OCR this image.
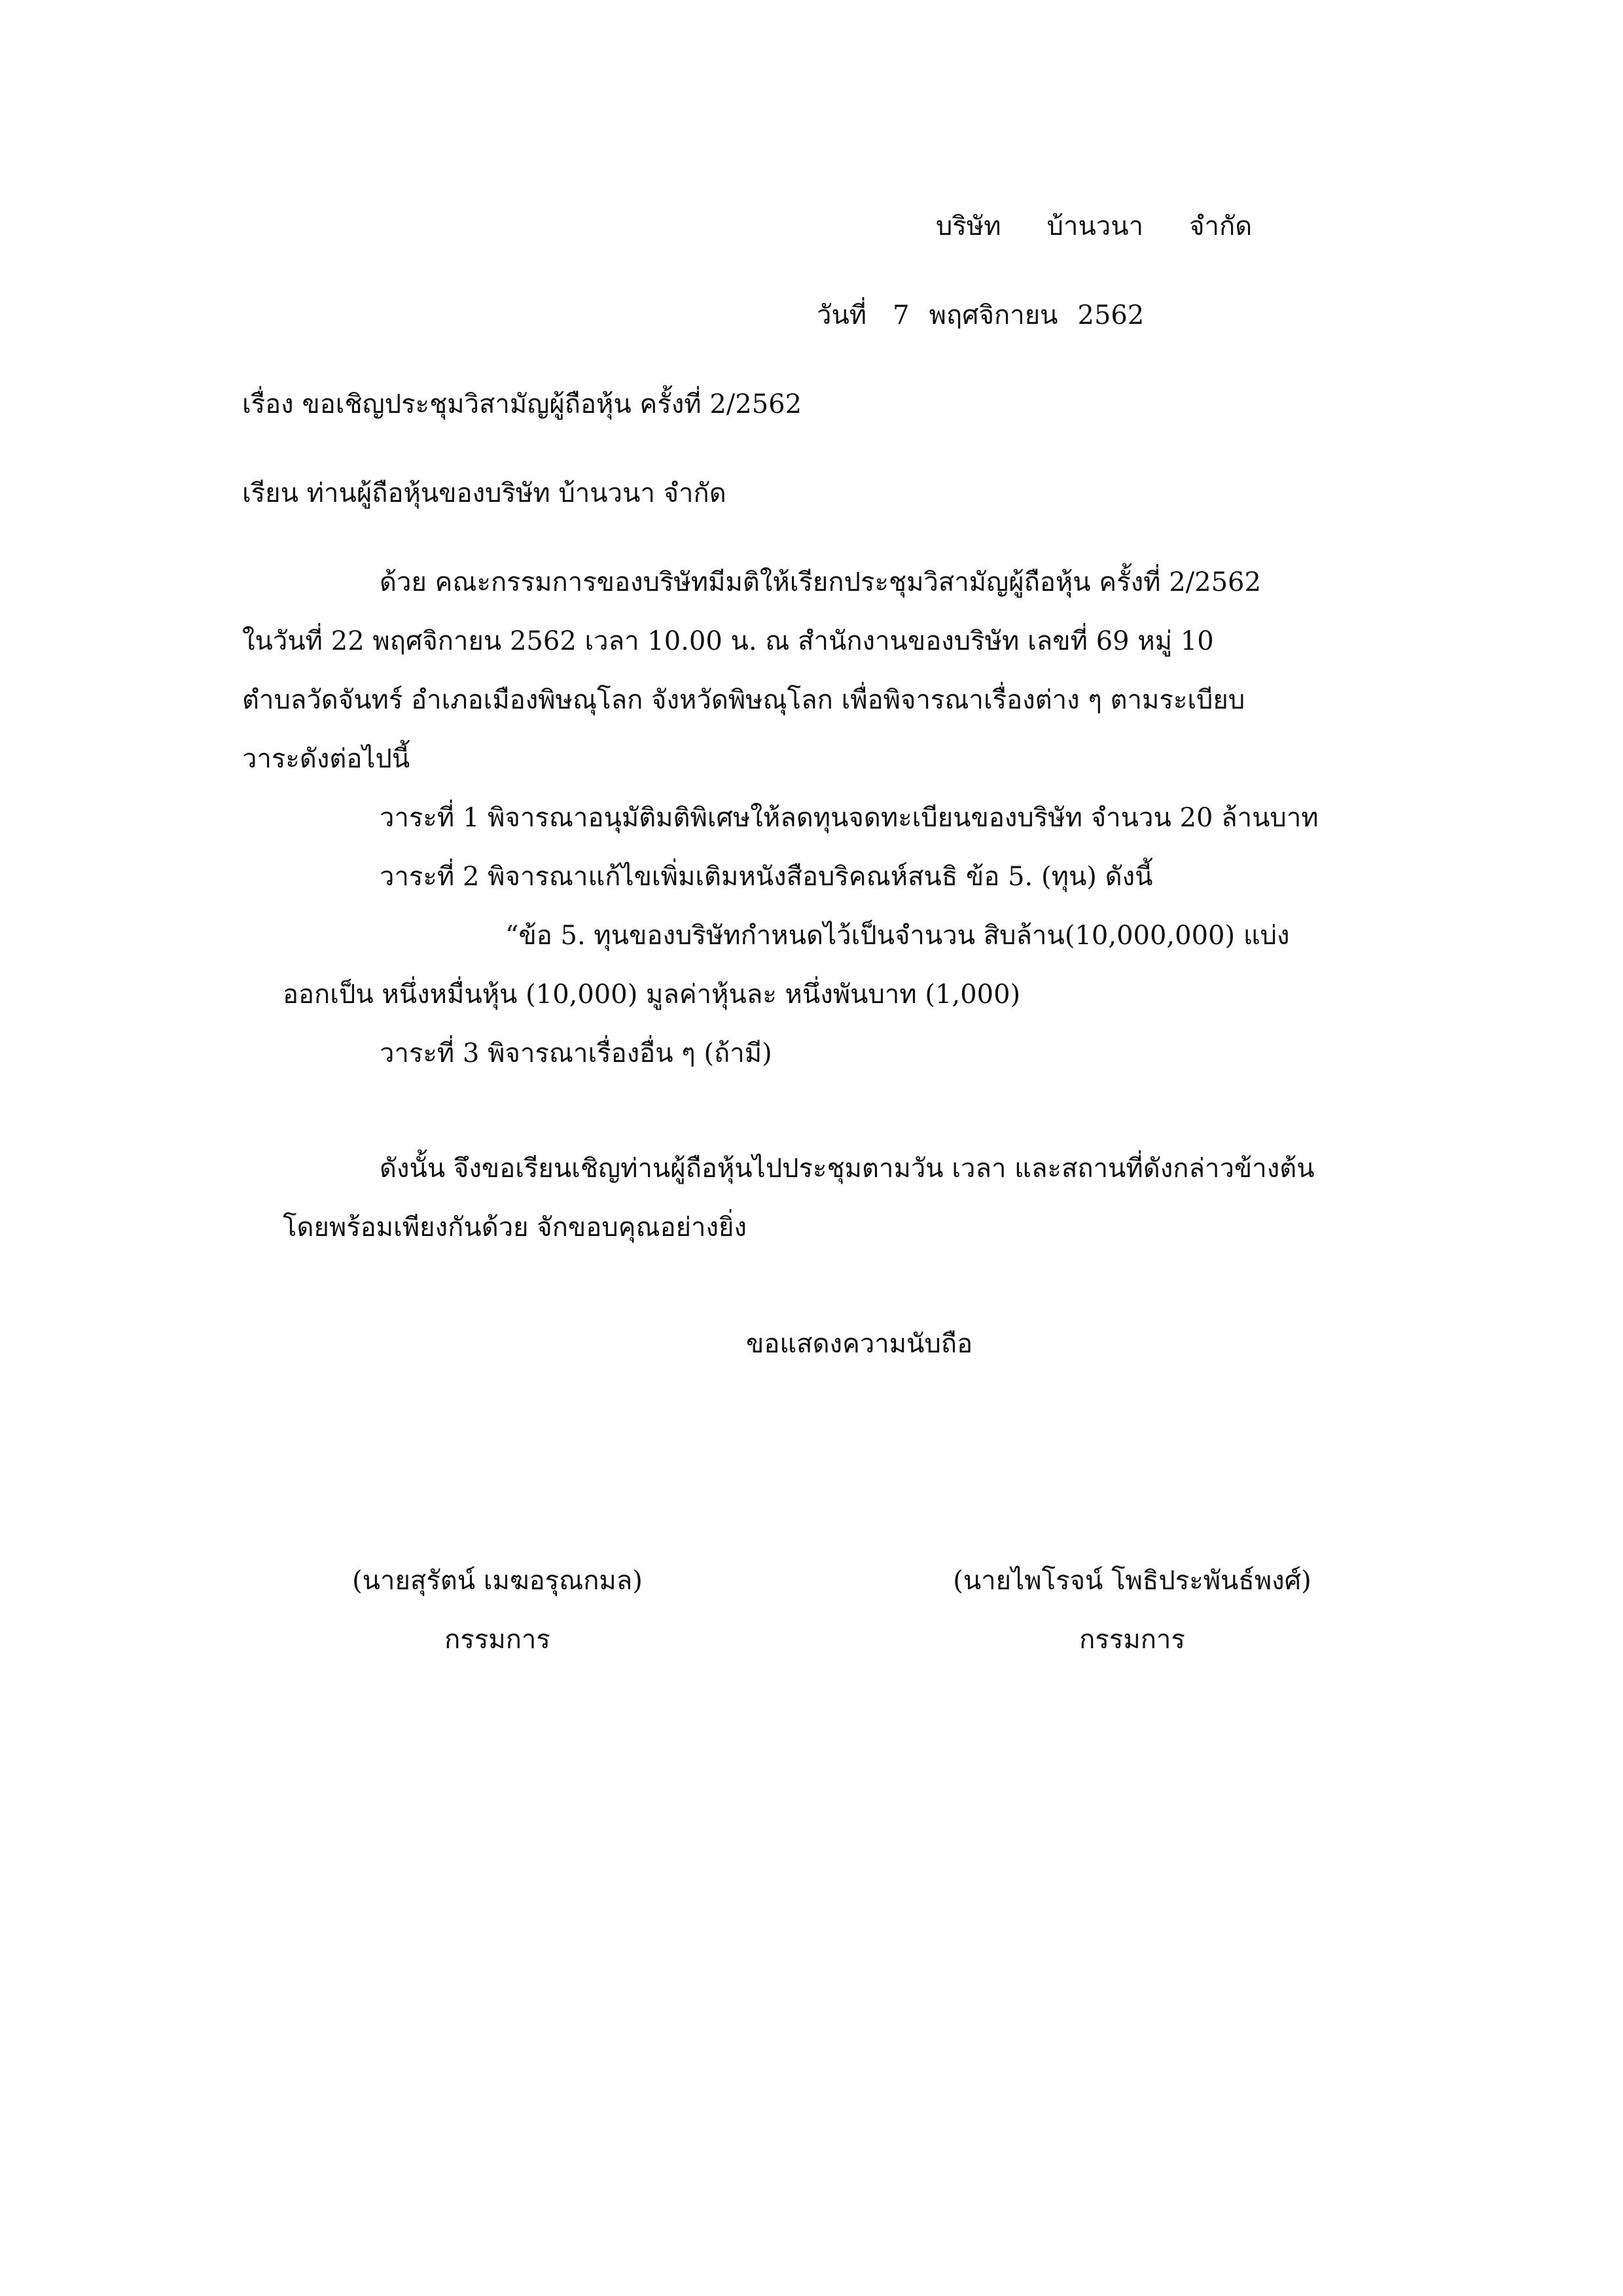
บริษัท บ้านวนา จำกัด
วันที่ 7 พฤศจิกายน 2562
เรื่อง ขอเชิญประชุมวิสามัญผู้ถือหุ้น ครั้งที่ 2/2562
เรียน ท่านผู้ถือหุ้นของบริษัท บ้านวนา จำกัด
ด้วย คณะกรรมการของบริษัทมีมติให้เรียกประชุมวิสามัญผู้ถือหุ้น ครั้งที่ 2/2562
ในวันที่ 22 พฤศจิกายน 2562 เวลา 10.00 น. ณ สำนักงานของบริษัท เลขที่ 69 หมู่ 10
ตำบลวัดจันทร์ อำเภอเมืองพิษณุโลก จังหวัดพิษณุโลก เพื่อพิจารณาเรื่องต่าง ๆ ตามระเบียบ
วาระดังต่อไปนี้
วาระที่ 1 พิจารณาอนุมัติมติพิเศษให้ลดทุนจดทะเบียนของบริษัท จำนวน 20 ล้านบาท
วาระที่ 2 พิจารณาแก้ไขเพิ่มเติมหนังสือบริคณห์สนธิ ข้อ 5. (ทุน) ดังนี้
“ข้อ 5. ทุนของบริษัทกำหนดไว้เป็นจำนวน สิบล้าน(10,000,000) แบ่ง
ออกเป็น หนึ่งหมื่นหุ้น (10,000) มูลค่าหุ้นละ หนึ่งพันบาท (1,000)
วาระที่ 3 พิจารณาเรื่องอื่น ๆ (ถ้ามี)
ดังนั้น จึงขอเรียนเชิญท่านผู้ถือหุ้นไปประชุมตามวัน เวลา และสถานที่ดังกล่าวข้างต้น
โดยพร้อมเพียงกันด้วย จักขอบคุณอย่างยิ่ง
ขอแสดงความนับถือ
(นายสุรัตน์ เมฆอรุณกมล)
กรรมการ
(นายไพโรจน์ โพธิประพันธ์พงศ์)
กรรมการ
